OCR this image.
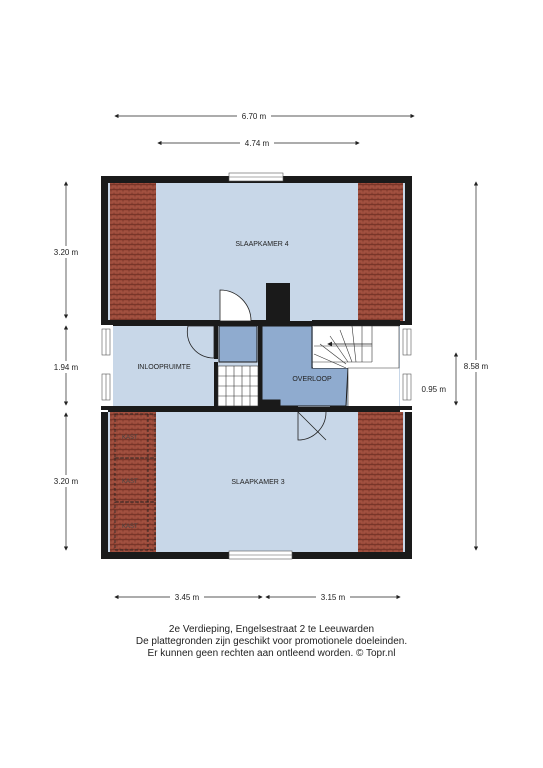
6.70 m
4.74 m
3.20 m
1.94 m
3.20 m
8.58 m
0.95 m
3.45 m	3.15 m
KAST
KAST
KAST
SLAAPKAMER 4
SLAAPKAMER 3
INLOOPRUIMTE
OVERLOOP
2e Verdieping, Engelsestraat 2 te Leeuwarden
De plattegronden zijn geschikt voor promotionele doeleinden.
Er kunnen geen rechten aan ontleend worden. © Topr.nl
